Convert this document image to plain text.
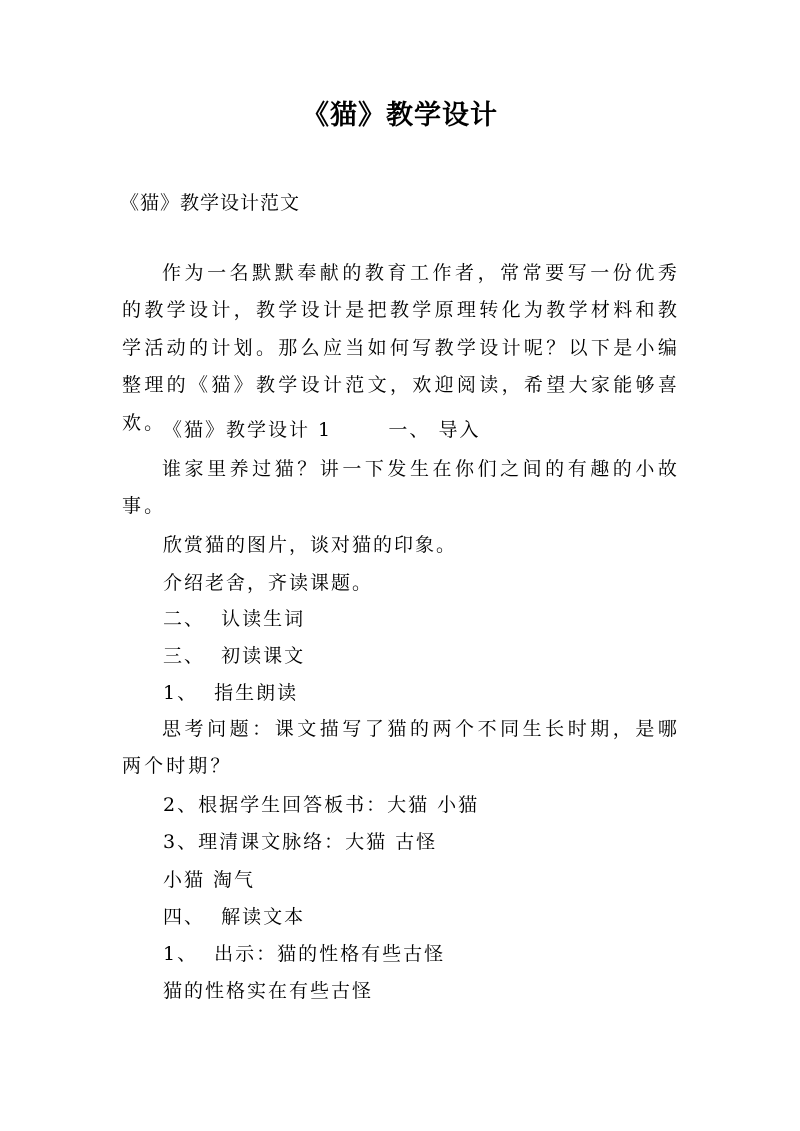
《猫》教学设计
《猫》教学设计范文
作为一名默默奉献的教育工作者，常常要写一份优秀的教学设计，教学设计是把教学原理转化为教学材料和教学活动的计划。那么应当如何写教学设计呢？以下是小编整理的《猫》教学设计范文，欢迎阅读，希望大家能够喜欢。
《猫》教学设计 1       一、 导入
谁家里养过猫？讲一下发生在你们之间的有趣的小故事。
欣赏猫的图片，谈对猫的印象。
介绍老舍，齐读课题。
二、  认读生词
三、  初读课文
1、  指生朗读
思考问题：课文描写了猫的两个不同生长时期，是哪两个时期？
2、根据学生回答板书：大猫 小猫
3、理清课文脉络：大猫 古怪
小猫 淘气
四、  解读文本
1、  出示：猫的性格有些古怪
猫的性格实在有些古怪
